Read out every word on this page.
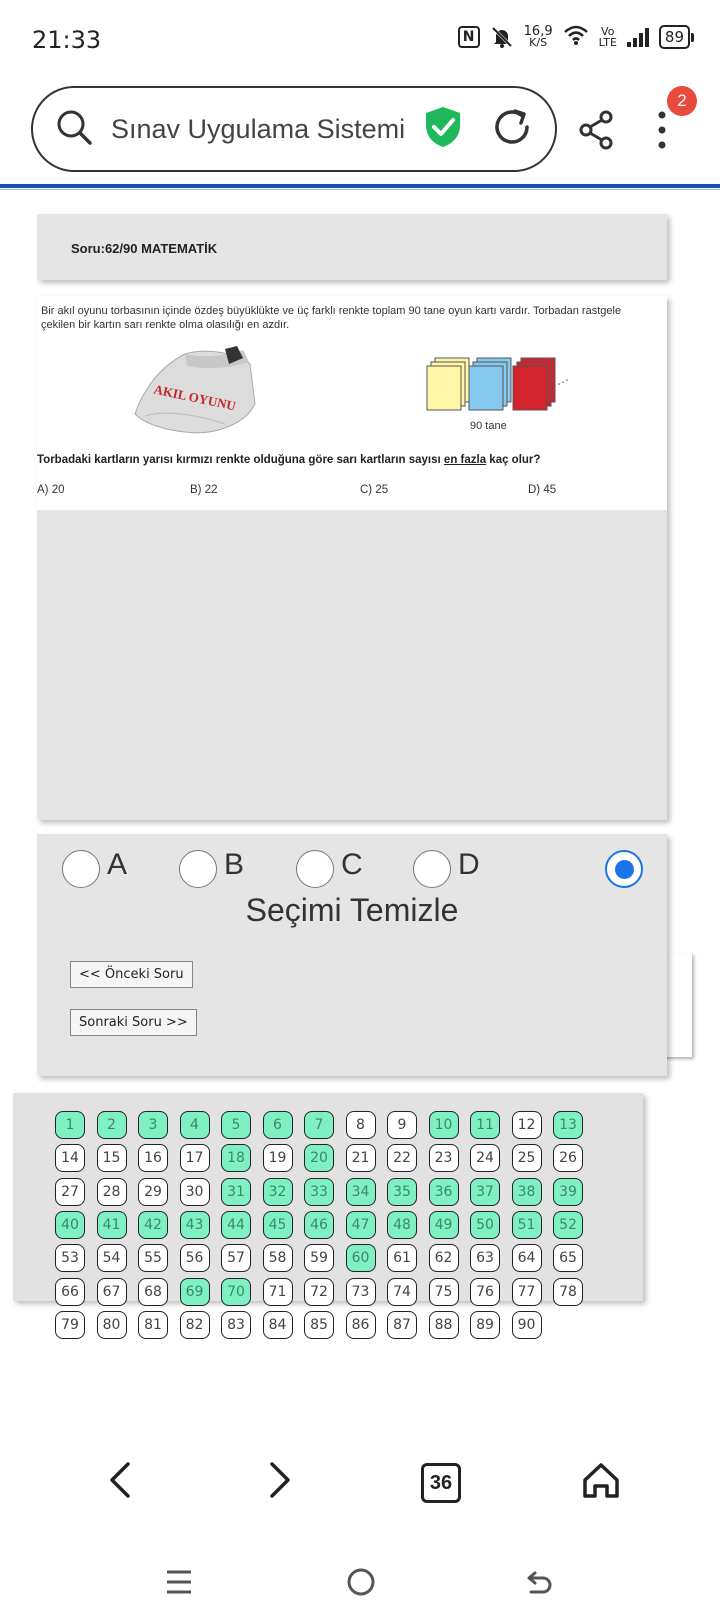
21:33	N	16,9
K/S
Vo
LTE	89
Sınav Uygulama Sistemi
2
Soru:62/90 MATEMATİK
Bir akıl oyunu torbasının içinde özdeş büyüklükte ve üç farklı renkte toplam 90 tane oyun kartı vardır. Torbadan rastgele çekilen bir kartın sarı renkte olma olasılığı en azdır.
AKIL OYUNU
90 tane
Torbadaki kartların yarısı kırmızı renkte olduğuna göre sarı kartların sayısı en fazla kaç olur?
A) 20	B) 22	C) 25	D) 45
A	B	C	D
Seçimi Temizle
<< Önceki Soru
Sonraki Soru >>
1	2	3	4	5	6	7	8	9	10	11	12	13
14	15	16	17	18	19	20	21	22	23	24	25	26
27	28	29	30	31	32	33	34	35	36	37	38	39
40	41	42	43	44	45	46	47	48	49	50	51	52
53	54	55	56	57	58	59	60	61	62	63	64	65
66	67	68	69	70	71	72	73	74	75	76	77	78
79	80	81	82	83	84	85	86	87	88	89	90
36
